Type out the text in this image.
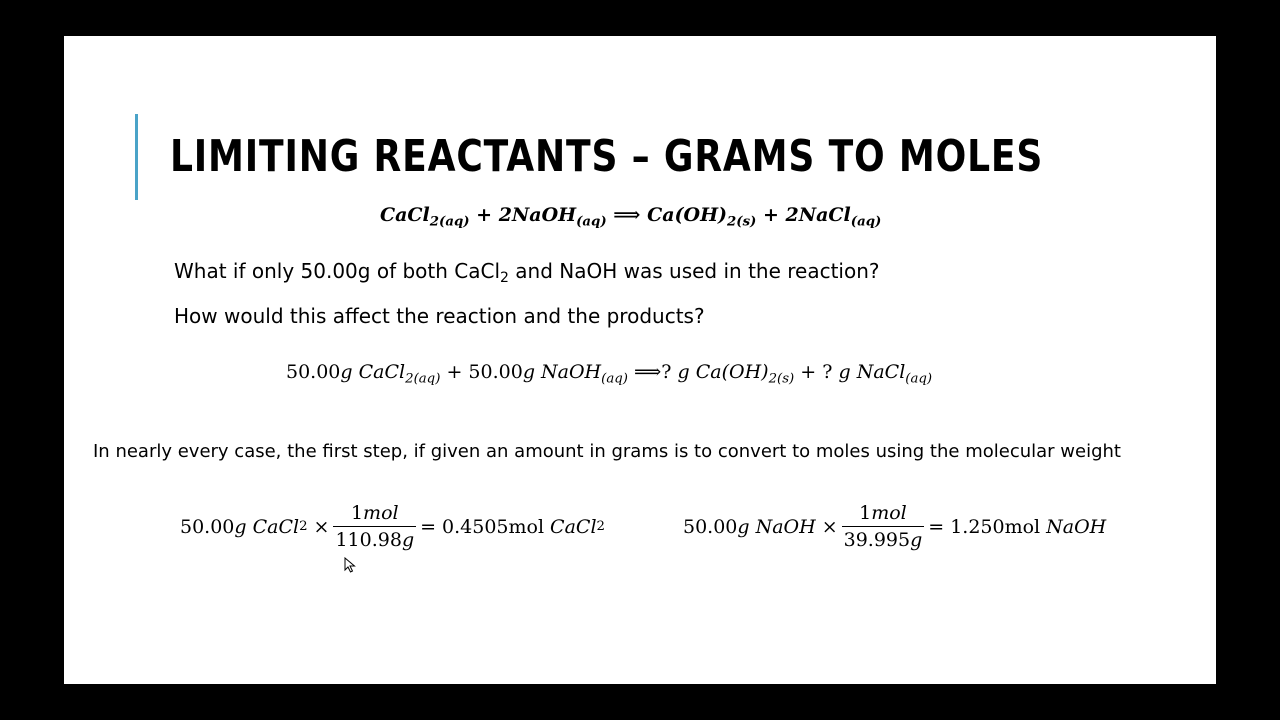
LIMITING REACTANTS – GRAMS TO MOLES
CaCl$_{2(aq)}$ + 2NaOH$_{(aq)}$ ⟹ $Ca(OH)_{2(s)}$ + 2NaCl$_{(aq)}$

What if only 50.00g of both CaCl$_2$ and NaOH was used in the reaction?

How would this affect the reaction and the products?

50.00g CaCl$_{2(aq)}$ + 50.00g NaOH$_{(aq)}$ ⟹? g $Ca(OH)_{2(s)}$ + ? g NaCl$_{(aq)}$

In nearly every case, the first step, if given an amount in grams is to convert to moles using the molecular weight

50.00 g CaCl $2 \times \frac{\text{1mol}}{110.98g} = 0.4505mol$ CaCl 2	50.00 g NaOH × $\frac{\text{1mol}}{39.995g} = 1.250mol$ NaOH
